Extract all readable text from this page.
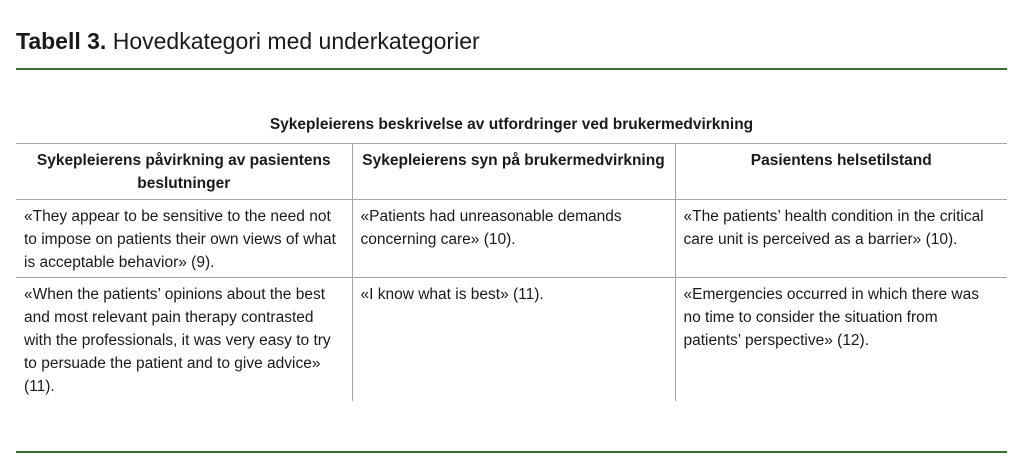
Tabell 3. Hovedkategori med underkategorier
Sykepleierens beskrivelse av utfordringer ved brukermedvirkning
Sykepleierens påvirkning av pasientens beslutninger	Sykepleierens syn på brukermedvirkning	Pasientens helsetilstand
«They appear to be sensitive to the need not to impose on patients their own views of what is acceptable behavior» (9).	«Patients had unreasonable demands concerning care» (10).	«The patients’ health condition in the critical care unit is perceived as a barrier» (10).
«When the patients’ opinions about the best and most relevant pain therapy contrasted with the professionals, it was very easy to try to persuade the patient and to give advice» (11).	«I know what is best» (11).	«Emergencies occurred in which there was no time to consider the situation from patients’ perspective» (12).
